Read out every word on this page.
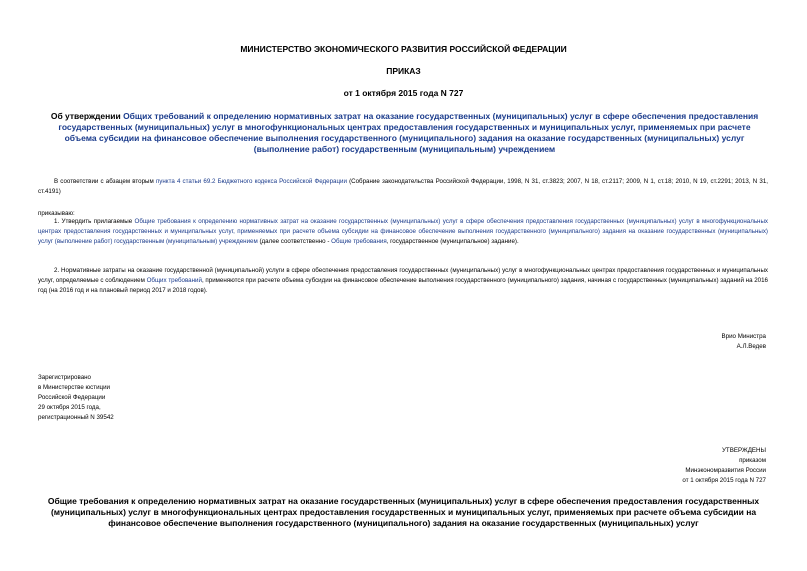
МИНИСТЕРСТВО ЭКОНОМИЧЕСКОГО РАЗВИТИЯ РОССИЙСКОЙ ФЕДЕРАЦИИ
ПРИКАЗ
от 1 октября 2015 года N 727
Об утверждении Общих требований к определению нормативных затрат на оказание государственных (муниципальных) услуг в сфере обеспечения предоставления государственных (муниципальных) услуг в многофункциональных центрах предоставления государственных и муниципальных услуг, применяемых при расчете объема субсидии на финансовое обеспечение выполнения государственного (муниципального) задания на оказание государственных (муниципальных) услуг (выполнение работ) государственным (муниципальным) учреждением
В соответствии с абзацем вторым пункта 4 статьи 69.2 Бюджетного кодекса Российской Федерации (Собрание законодательства Российской Федерации, 1998, N 31, ст.3823; 2007, N 18, ст.2117; 2009, N 1, ст.18; 2010, N 19, ст.2291; 2013, N 31, ст.4191)
приказываю:
1. Утвердить прилагаемые Общие требования к определению нормативных затрат на оказание государственных (муниципальных) услуг в сфере обеспечения предоставления государственных (муниципальных) услуг в многофункциональных центрах предоставления государственных и муниципальных услуг, применяемых при расчете объема субсидии на финансовое обеспечение выполнения государственного (муниципального) задания на оказание государственных (муниципальных) услуг (выполнение работ) государственным (муниципальным) учреждением (далее соответственно - Общие требования, государственное (муниципальное) задание).
2. Нормативные затраты на оказание государственной (муниципальной) услуги в сфере обеспечения предоставления государственных (муниципальных) услуг в многофункциональных центрах предоставления государственных и муниципальных услуг, определяемые с соблюдением Общих требований, применяются при расчете объема субсидии на финансовое обеспечение выполнения государственного (муниципального) задания, начиная с государственных (муниципальных) заданий на 2016 год (на 2016 год и на плановый период 2017 и 2018 годов).
Врио Министра
А.Л.Ведев
Зарегистрировано
в Министерстве юстиции
Российской Федерации
29 октября 2015 года,
регистрационный N 39542
УТВЕРЖДЕНЫ
приказом
Минэкономразвития России
от 1 октября 2015 года N 727
Общие требования к определению нормативных затрат на оказание государственных (муниципальных) услуг в сфере обеспечения предоставления государственных (муниципальных) услуг в многофункциональных центрах предоставления государственных и муниципальных услуг, применяемых при расчете объема субсидии на финансовое обеспечение выполнения государственного (муниципального) задания на оказание государственных (муниципальных) услуг
